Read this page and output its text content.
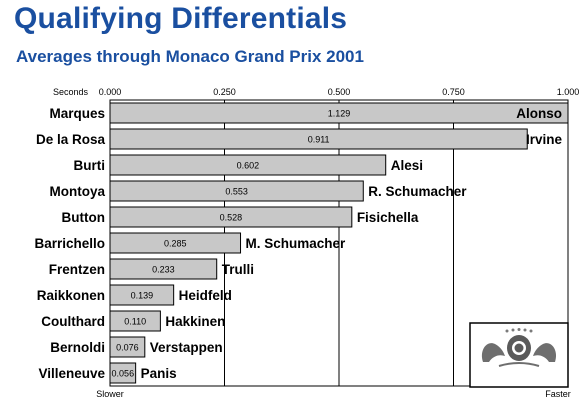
Qualifying Differentials
Averages through Monaco Grand Prix 2001
0.000	0.250	0.500	0.750	1.000
Seconds
Slower	Faster
1.129
Marques	Alonso
0.911
De la Rosa	Irvine
0.602
Burti	Alesi
0.553
Montoya	R. Schumacher
0.528
Button	Fisichella
0.285
Barrichello	M. Schumacher
0.233
Frentzen	Trulli
0.139
Raikkonen	Heidfeld
0.110
Coulthard	Hakkinen
0.076
Bernoldi	Verstappen
0.056
Villeneuve	Panis
